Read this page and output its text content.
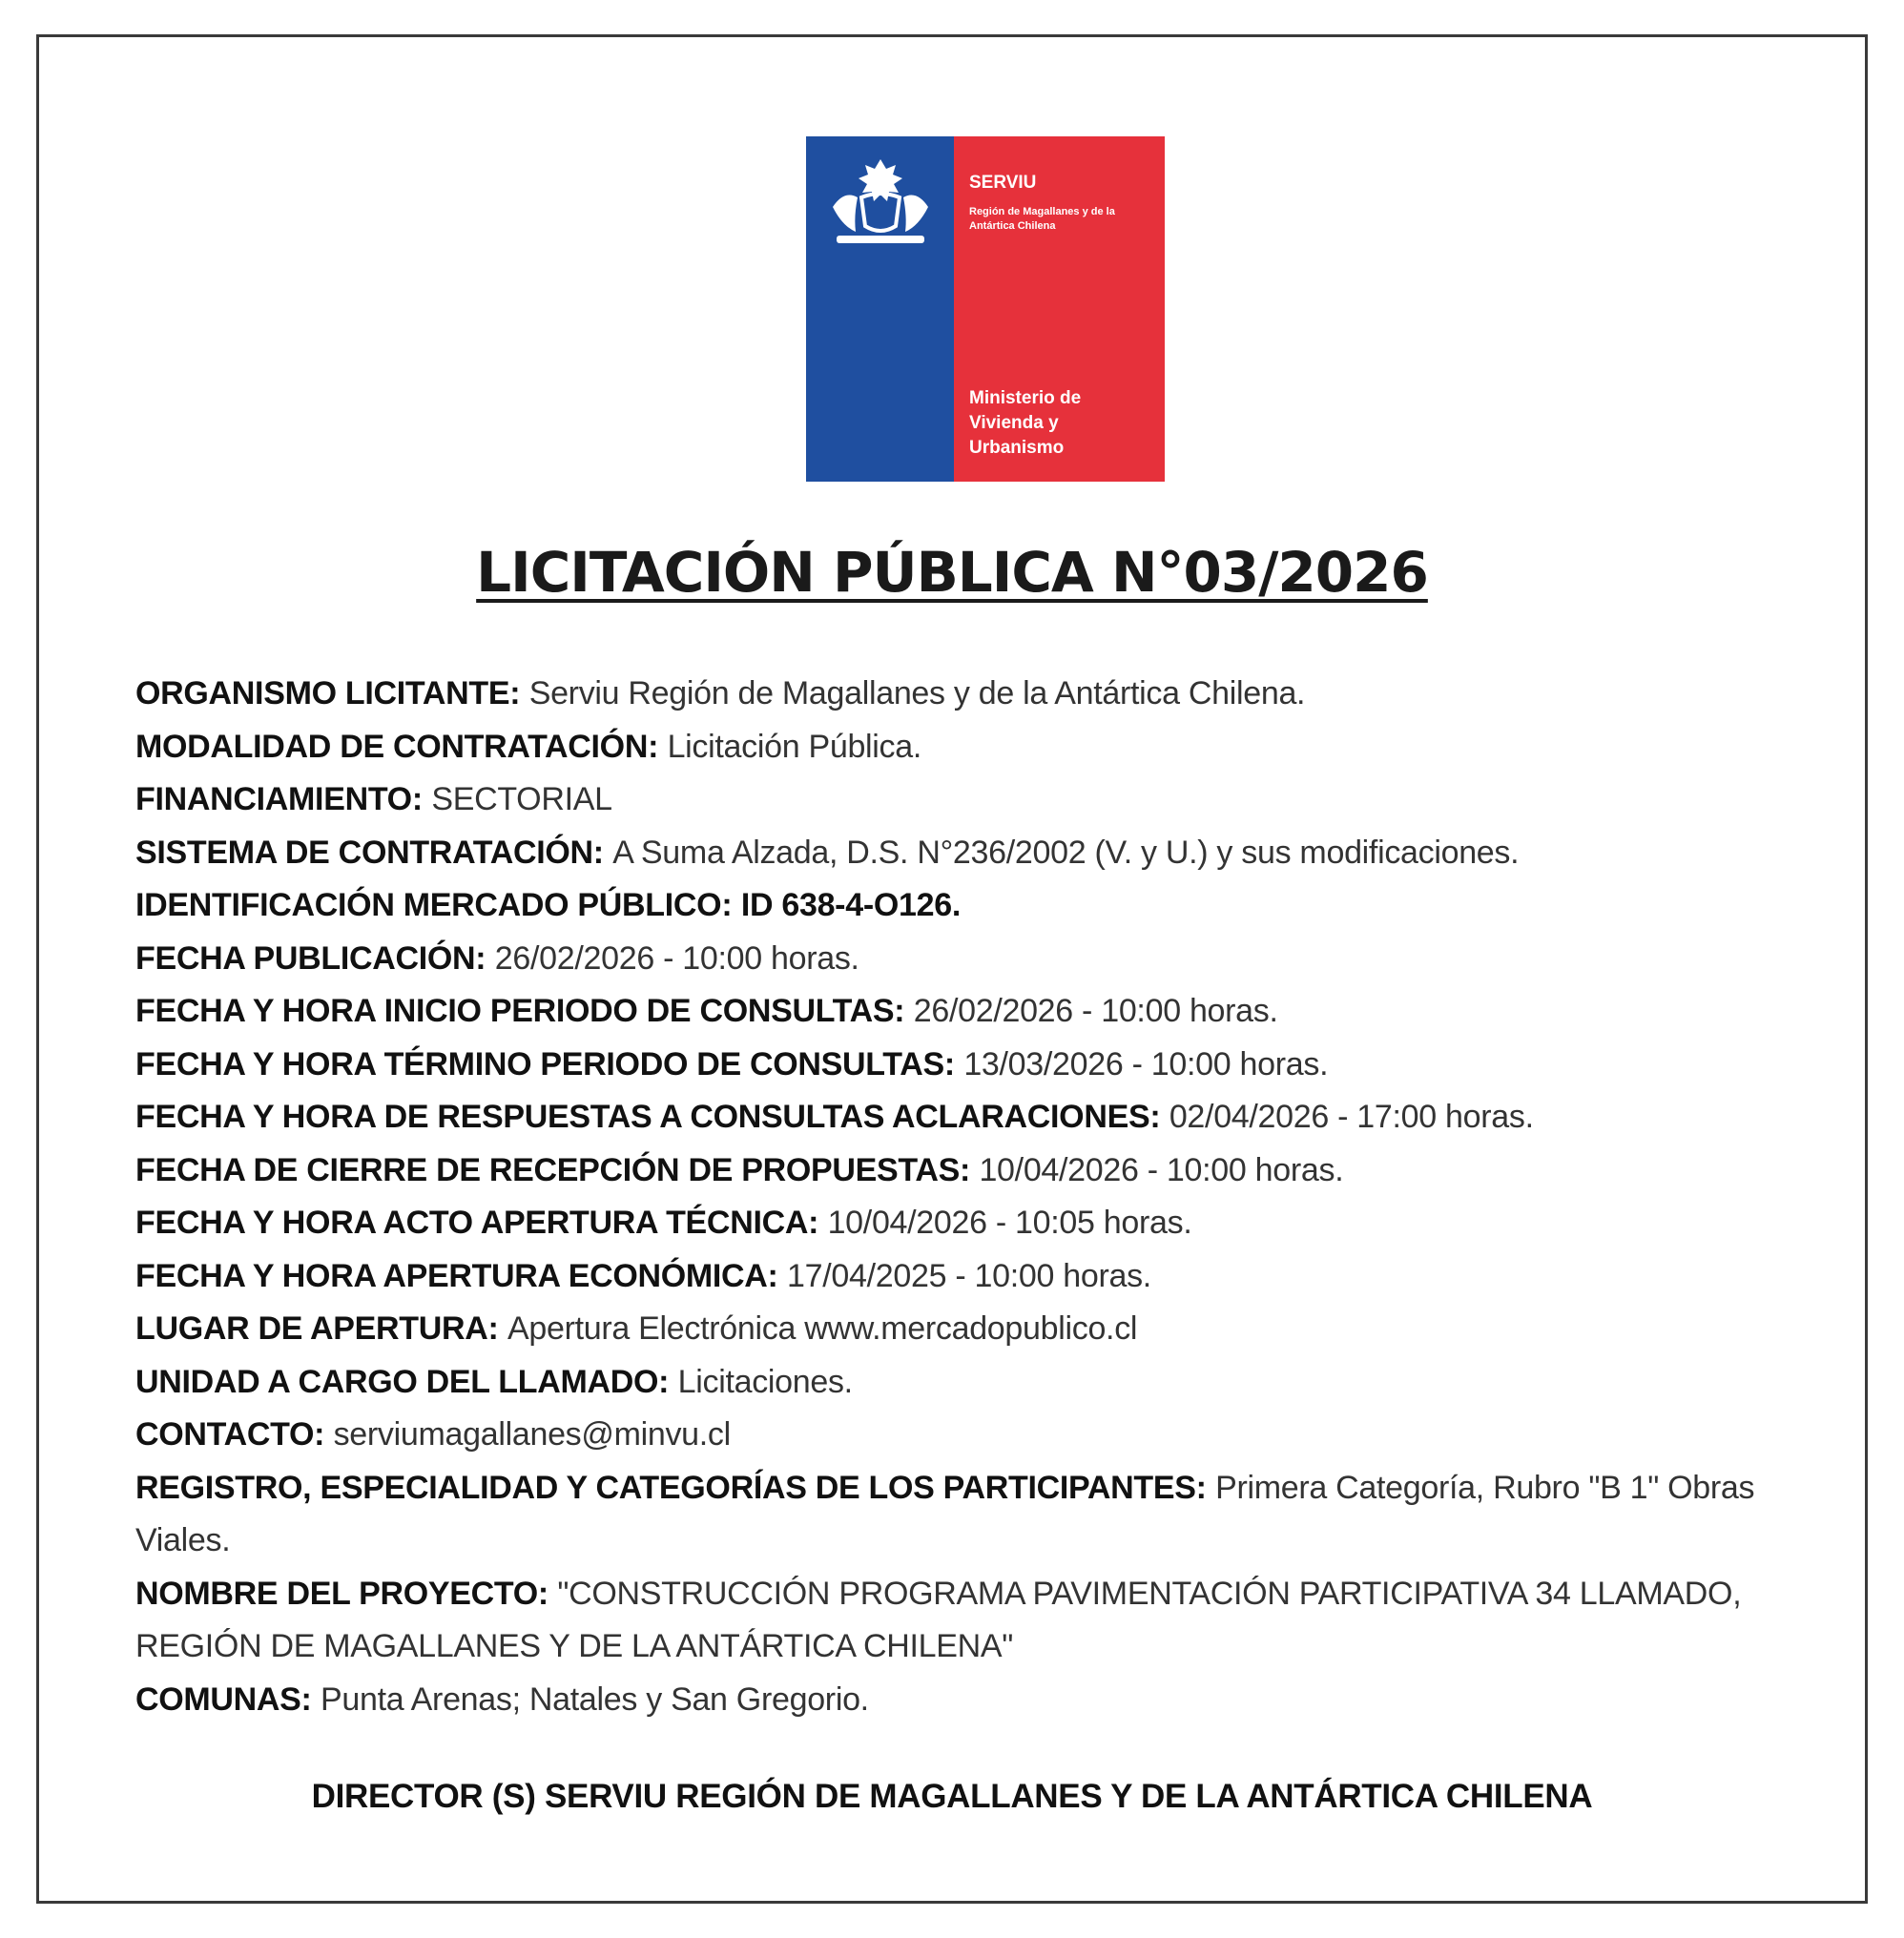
SERVIU
Región de Magallanes y de la Antártica Chilena
Ministerio de Vivienda y Urbanismo
LICITACIÓN PÚBLICA N°03/2026
ORGANISMO LICITANTE: Serviu Región de Magallanes y de la Antártica Chilena.
MODALIDAD DE CONTRATACIÓN: Licitación Pública.
FINANCIAMIENTO: SECTORIAL
SISTEMA DE CONTRATACIÓN: A Suma Alzada, D.S. N°236/2002 (V. y U.) y sus modificaciones.
IDENTIFICACIÓN MERCADO PÚBLICO: ID 638-4-O126.
FECHA PUBLICACIÓN: 26/02/2026 - 10:00 horas.
FECHA Y HORA INICIO PERIODO DE CONSULTAS: 26/02/2026 - 10:00 horas.
FECHA Y HORA TÉRMINO PERIODO DE CONSULTAS: 13/03/2026 - 10:00 horas.
FECHA Y HORA DE RESPUESTAS A CONSULTAS ACLARACIONES: 02/04/2026 - 17:00 horas.
FECHA DE CIERRE DE RECEPCIÓN DE PROPUESTAS: 10/04/2026 - 10:00 horas.
FECHA Y HORA ACTO APERTURA TÉCNICA: 10/04/2026 - 10:05 horas.
FECHA Y HORA APERTURA ECONÓMICA: 17/04/2025 - 10:00 horas.
LUGAR DE APERTURA: Apertura Electrónica www.mercadopublico.cl
UNIDAD A CARGO DEL LLAMADO: Licitaciones.
CONTACTO: serviumagallanes@minvu.cl
REGISTRO, ESPECIALIDAD Y CATEGORÍAS DE LOS PARTICIPANTES: Primera Categoría, Rubro "B 1" Obras Viales.
NOMBRE DEL PROYECTO: "CONSTRUCCIÓN PROGRAMA PAVIMENTACIÓN PARTICIPATIVA 34 LLAMADO, REGIÓN DE MAGALLANES Y DE LA ANTÁRTICA CHILENA"
COMUNAS: Punta Arenas; Natales y San Gregorio.
DIRECTOR (S) SERVIU REGIÓN DE MAGALLANES Y DE LA ANTÁRTICA CHILENA
